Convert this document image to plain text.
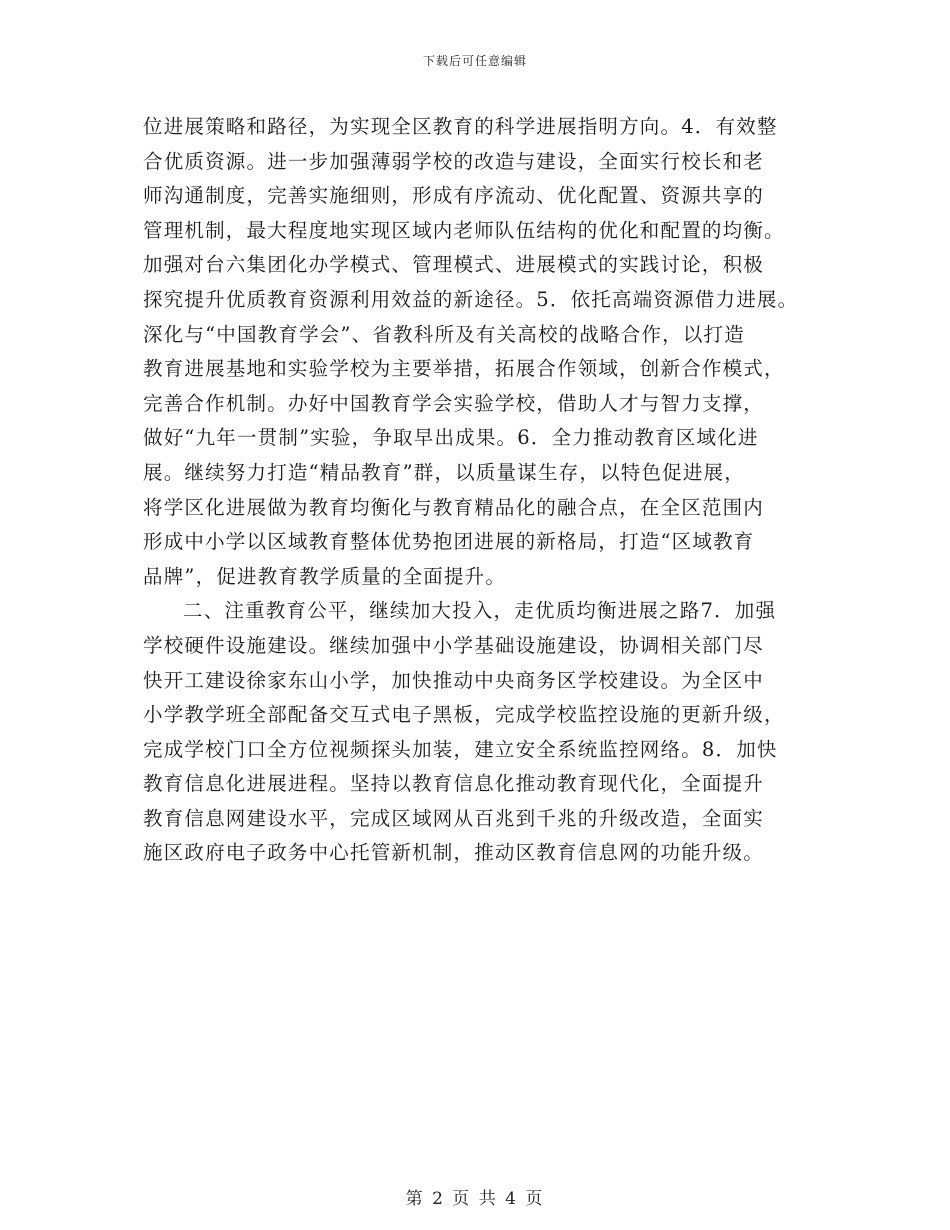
下载后可任意编辑
位进展策略和路径，为实现全区教育的科学进展指明方向。4．有效整
合优质资源。进一步加强薄弱学校的改造与建设，全面实行校长和老
师沟通制度，完善实施细则，形成有序流动、优化配置、资源共享的
管理机制，最大程度地实现区域内老师队伍结构的优化和配置的均衡。
加强对台六集团化办学模式、管理模式、进展模式的实践讨论，积极
探究提升优质教育资源利用效益的新途径。5．依托高端资源借力进展。
深化与“中国教育学会”、省教科所及有关高校的战略合作，以打造
教育进展基地和实验学校为主要举措，拓展合作领域，创新合作模式，
完善合作机制。办好中国教育学会实验学校，借助人才与智力支撑，
做好“九年一贯制”实验，争取早出成果。6．全力推动教育区域化进
展。继续努力打造“精品教育”群，以质量谋生存，以特色促进展，
将学区化进展做为教育均衡化与教育精品化的融合点，在全区范围内
形成中小学以区域教育整体优势抱团进展的新格局，打造“区域教育
品牌”，促进教育教学质量的全面提升。
二、注重教育公平，继续加大投入，走优质均衡进展之路7．加强
学校硬件设施建设。继续加强中小学基础设施建设，协调相关部门尽
快开工建设徐家东山小学，加快推动中央商务区学校建设。为全区中
小学教学班全部配备交互式电子黑板，完成学校监控设施的更新升级，
完成学校门口全方位视频探头加装，建立安全系统监控网络。8．加快
教育信息化进展进程。坚持以教育信息化推动教育现代化，全面提升
教育信息网建设水平，完成区域网从百兆到千兆的升级改造，全面实
施区政府电子政务中心托管新机制，推动区教育信息网的功能升级。
第 2 页 共 4 页
